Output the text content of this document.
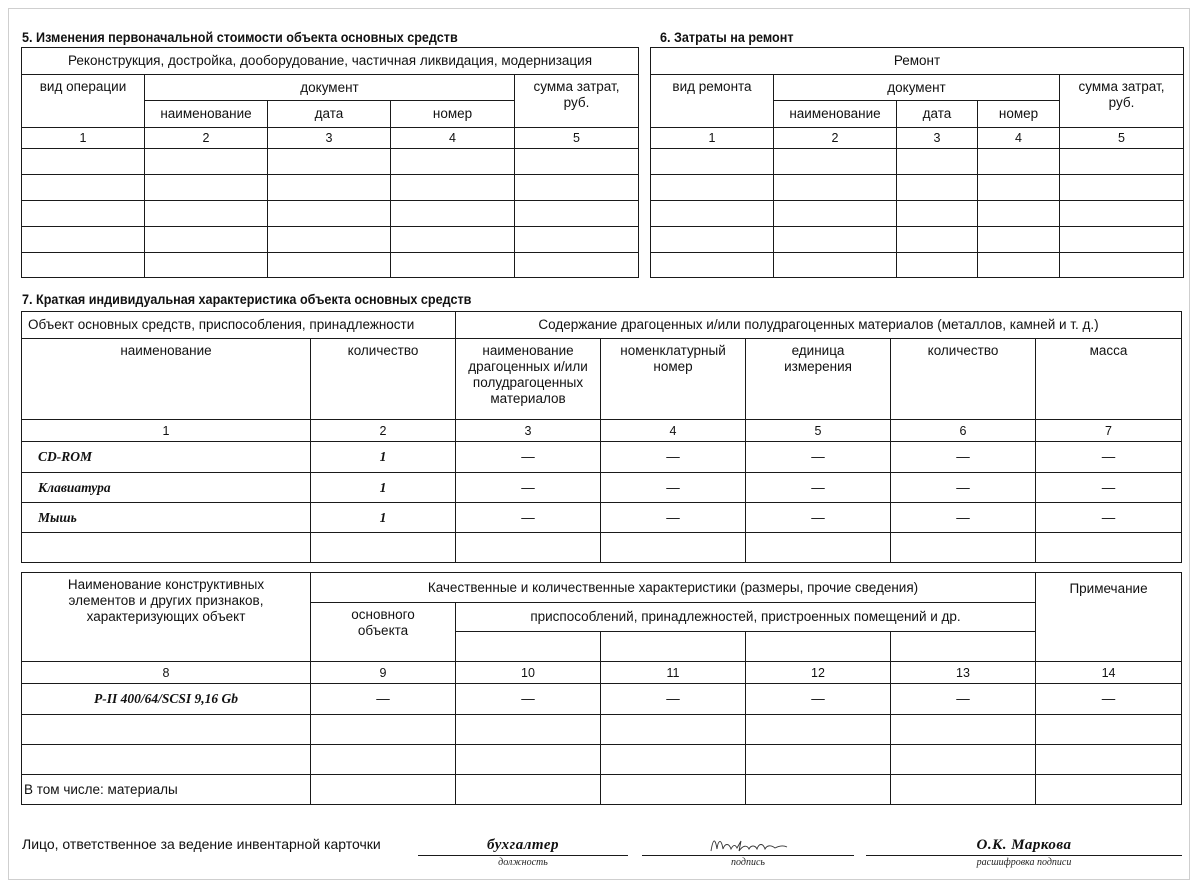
5. Изменения первоначальной стоимости объекта основных средств	6. Затраты на ремонт
Реконструкция, достройка, дооборудование, частичная ликвидация, модернизация				
вид операции	документ			сумма затрат, руб.
	наименование	дата	номер	
1	2	3	4	5

Ремонт				
вид ремонта	документ			сумма затрат, руб.
	наименование	дата	номер	
1	2	3	4	5

7. Краткая индивидуальная характеристика объекта основных средств
Объект основных средств, приспособления, принадлежности		Содержание драгоценных и/или полудрагоценных материалов (металлов, камней и т. д.)				
наименование	количество	наименование драгоценных и/или полудрагоценных материалов	номенклатурный номер	единица измерения	количество	масса
1	2	3	4	5	6	7
CD-ROM	1	—	—	—	—	—
Клавиатура	1	—	—	—	—	—
Мышь	1	—	—	—	—	—

Наименование конструктивных элементов и других признаков, характеризующих объект	Качественные и количественные характеристики (размеры, прочие сведения)					Примечание
	основного объекта	приспособлений, принадлежностей, пристроенных помещений и др.				

8	9	10	11	12	13	14
P-II 400/64/SCSI 9,16 Gb	—	—	—	—	—	—

В том числе: материалы						
Лицо, ответственное за ведение инвентарной карточки	бухгалтер
должность	подпись
О.К. Маркова
расшифровка подписи
